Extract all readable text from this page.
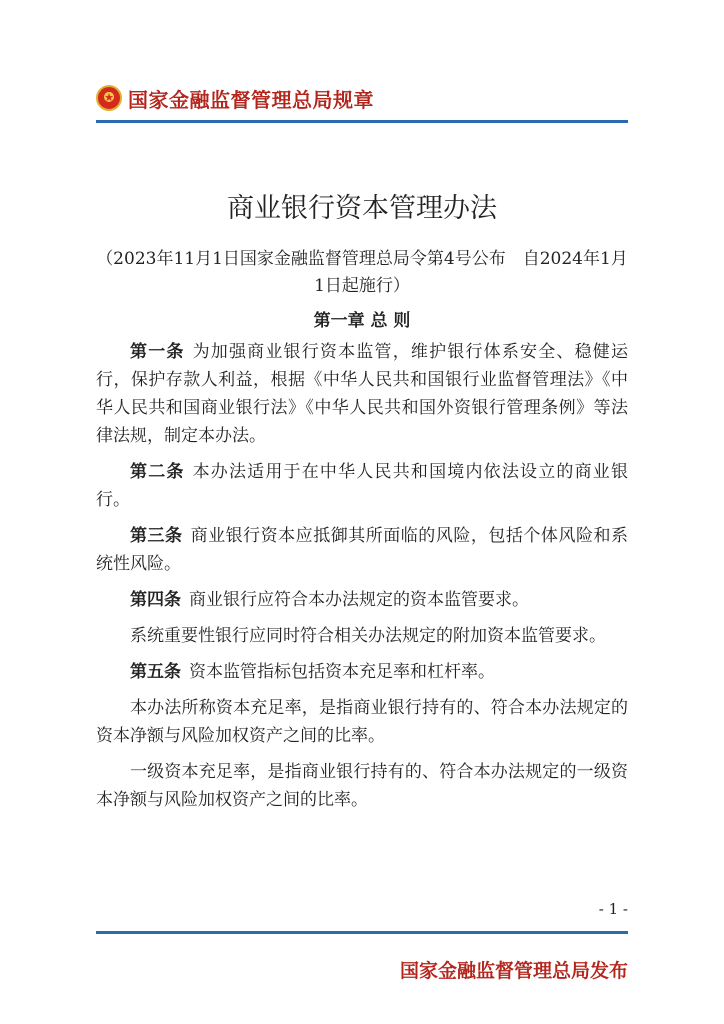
★
国家金融监督管理总局规章
商业银行资本管理办法
（2023年11月1日国家金融监督管理总局令第4号公布　自2024年1月1日起施行）
第一章 总 则

第一条 为加强商业银行资本监管，维护银行体系安全、稳健运行，保护存款人利益，根据《中华人民共和国银行业监督管理法》《中华人民共和国商业银行法》《中华人民共和国外资银行管理条例》等法律法规，制定本办法。

第二条 本办法适用于在中华人民共和国境内依法设立的商业银行。

第三条 商业银行资本应抵御其所面临的风险，包括个体风险和系统性风险。

第四条 商业银行应符合本办法规定的资本监管要求。

系统重要性银行应同时符合相关办法规定的附加资本监管要求。

第五条 资本监管指标包括资本充足率和杠杆率。

本办法所称资本充足率，是指商业银行持有的、符合本办法规定的资本净额与风险加权资产之间的比率。

一级资本充足率，是指商业银行持有的、符合本办法规定的一级资本净额与风险加权资产之间的比率。

- 1 -
国家金融监督管理总局发布
